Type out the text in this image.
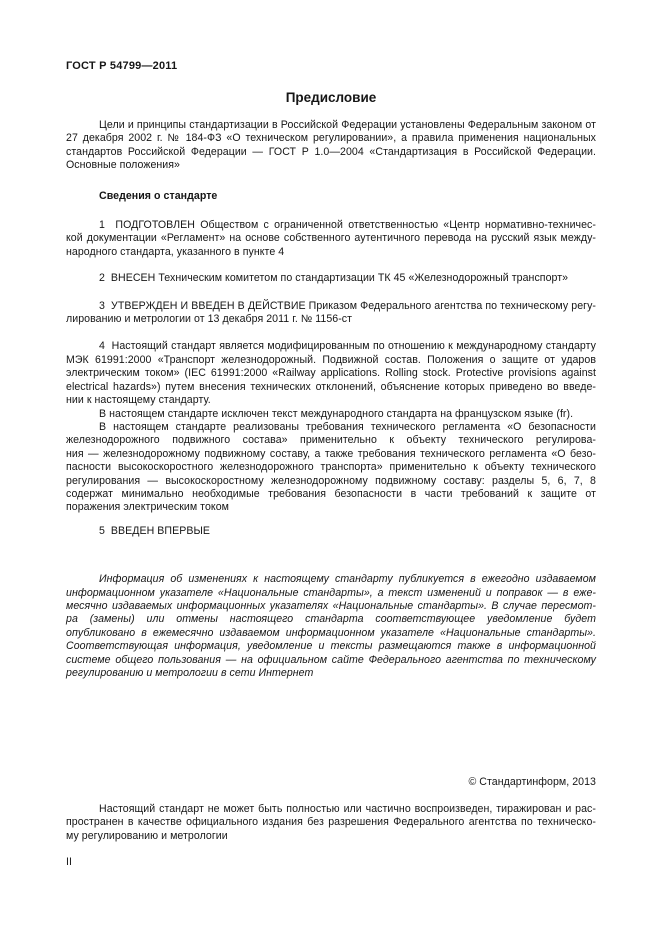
ГОСТ Р 54799—2011
Предисловие
Цели и принципы стандартизации в Российской Федерации установлены Федеральным законом от
27 декабря 2002 г. № 184-ФЗ «О техническом регулировании», а правила применения национальных
стандартов Российской Федерации — ГОСТ Р 1.0—2004 «Стандартизация в Российской Федерации.
Основные положения»
Сведения о стандарте
1  ПОДГОТОВЛЕН Обществом с ограниченной ответственностью «Центр нормативно-техничес-
кой документации «Регламент» на основе собственного аутентичного перевода на русский язык между-
народного стандарта, указанного в пункте 4
2  ВНЕСЕН Техническим комитетом по стандартизации ТК 45 «Железнодорожный транспорт»
3  УТВЕРЖДЕН И ВВЕДЕН В ДЕЙСТВИЕ Приказом Федерального агентства по техническому регу-
лированию и метрологии от 13 декабря 2011 г. № 1156-ст
4  Настоящий стандарт является модифицированным по отношению к международному стандарту
МЭК 61991:2000 «Транспорт железнодорожный. Подвижной состав. Положения о защите от ударов
электрическим током» (IEC 61991:2000 «Railway applications. Rolling stock. Protective provisions against
electrical hazards») путем внесения технических отклонений, объяснение которых приведено во введе-
нии к настоящему стандарту.
В настоящем стандарте исключен текст международного стандарта на французском языке (fr).
В настоящем стандарте реализованы требования технического регламента «О безопасности
железнодорожного подвижного состава» применительно к объекту технического регулирова-
ния — железнодорожному подвижному составу, а также требования технического регламента «О безо-
пасности высокоскоростного железнодорожного транспорта» применительно к объекту технического
регулирования — высокоскоростному железнодорожному подвижному составу: разделы 5, 6, 7, 8
содержат минимально необходимые требования безопасности в части требований к защите от
поражения электрическим током
5  ВВЕДЕН ВПЕРВЫЕ
Информация об изменениях к настоящему стандарту публикуется в ежегодно издаваемом
информационном указателе «Национальные стандарты», а текст изменений и поправок — в еже-
месячно издаваемых информационных указателях «Национальные стандарты». В случае пересмот-
ра (замены) или отмены настоящего стандарта соответствующее уведомление будет
опубликовано в ежемесячно издаваемом информационном указателе «Национальные стандарты».
Соответствующая информация, уведомление и тексты размещаются также в информационной
системе общего пользования — на официальном сайте Федерального агентства по техническому
регулированию и метрологии в сети Интернет
© Стандартинформ, 2013
Настоящий стандарт не может быть полностью или частично воспроизведен, тиражирован и рас-
пространен в качестве официального издания без разрешения Федерального агентства по техническо-
му регулированию и метрологии
II
